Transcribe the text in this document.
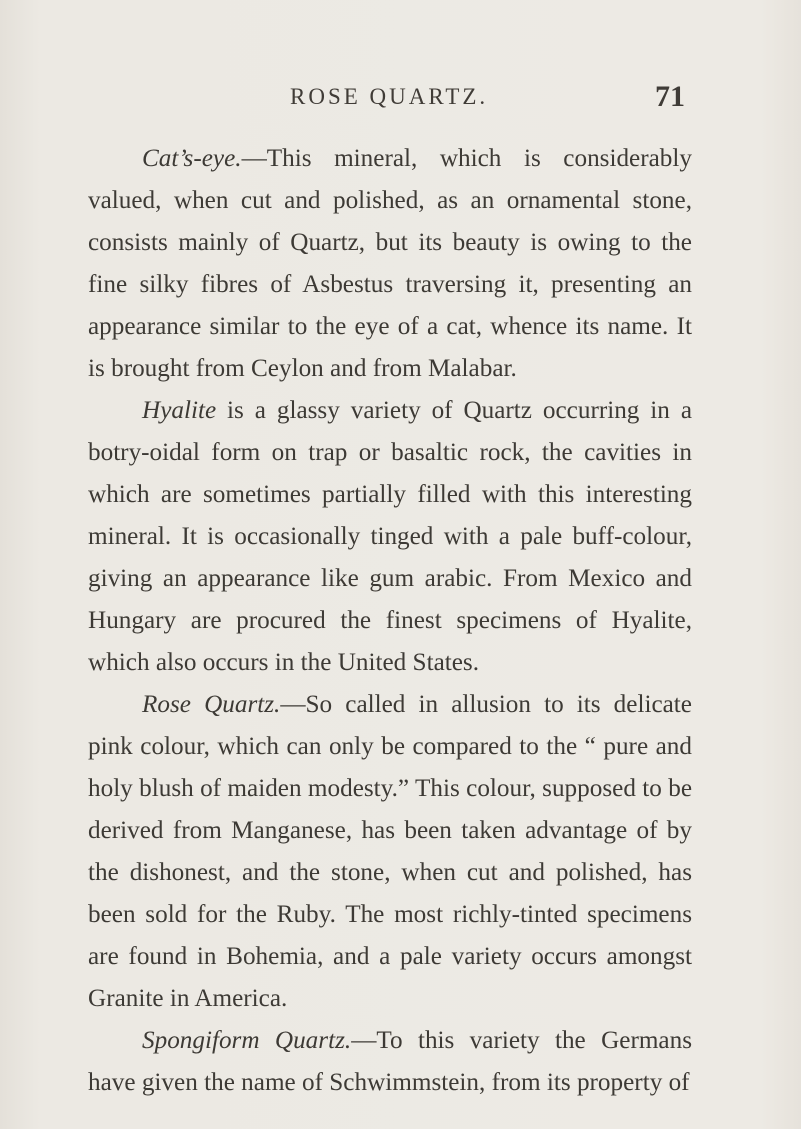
ROSE QUARTZ.	71

Cat’s-eye.—This mineral, which is considerably valued, when cut and polished, as an ornamental stone, consists mainly of Quartz, but its beauty is owing to the fine silky fibres of Asbestus traversing it, presenting an appearance similar to the eye of a cat, whence its name. It is brought from Ceylon and from Malabar.

Hyalite is a glassy variety of Quartz occurring in a botry-oidal form on trap or basaltic rock, the cavities in which are sometimes partially filled with this interesting mineral. It is occasionally tinged with a pale buff-colour, giving an appearance like gum arabic. From Mexico and Hungary are procured the finest specimens of Hyalite, which also occurs in the United States.

Rose Quartz.—So called in allusion to its delicate pink colour, which can only be compared to the “ pure and holy blush of maiden modesty.” This colour, supposed to be derived from Manganese, has been taken advantage of by the dishonest, and the stone, when cut and polished, has been sold for the Ruby. The most richly-tinted specimens are found in Bohemia, and a pale variety occurs amongst Granite in America.

Spongiform Quartz.—To this variety the Germans have given the name of Schwimmstein, from its property of
